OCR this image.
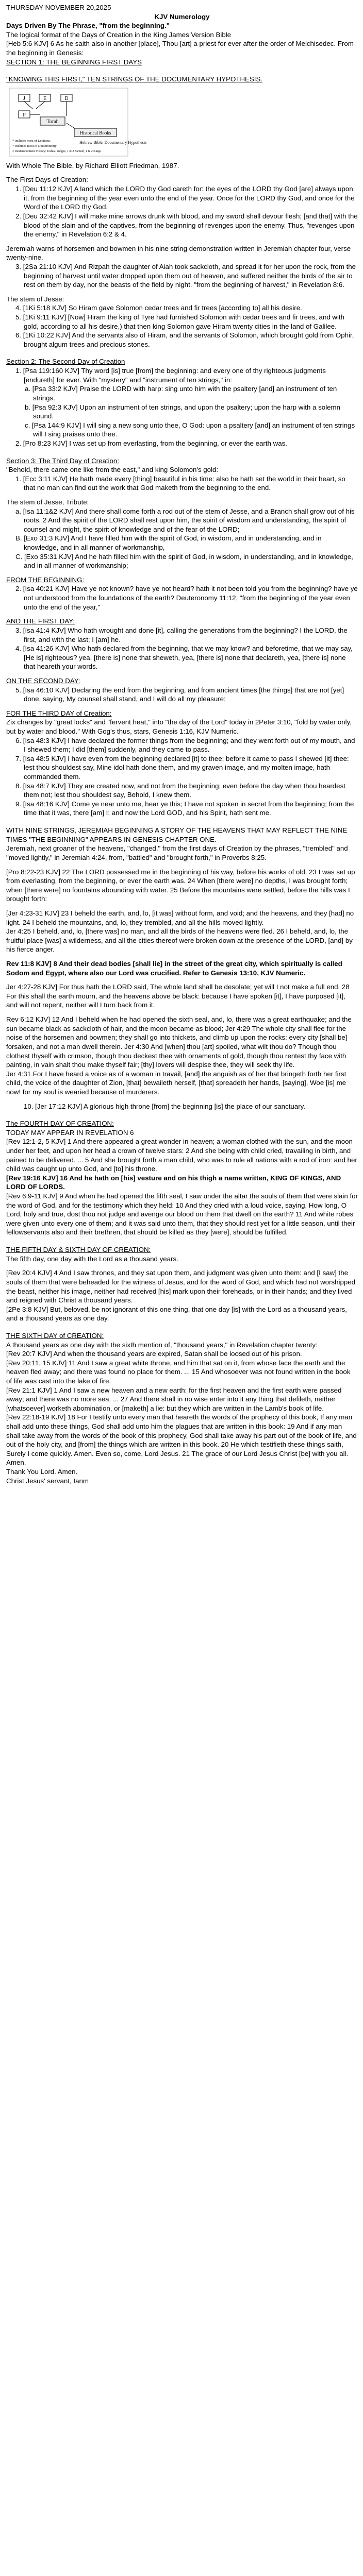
THURSDAY NOVEMBER 20,2025

KJV Numerology

Days Driven By The Phrase, "from the beginning."

The logical format of the Days of Creation in the King James Version Bible

[Heb 5:6 KJV] 6 As he saith also in another [place], Thou [art] a priest for ever after the order of Melchisedec. From the beginning in Genesis:

SECTION 1: THE BEGINNING FIRST DAYS

"KNOWING THIS FIRST," TEN STRINGS OF THE DOCUMENTARY HYPOTHESIS.

J	E
P
D
Torah
Historical Books
Hebrew Bible, Documentary Hypothesis
* includes most of Leviticus
+ includes most of Deuteronomy
‡ Deuteronomistic History: Joshua, Judges, 1 & 2 Samuel, 1 & 2 Kings

With Whole The Bible, by Richard Elliott Friedman, 1987.

The First Days of Creation:

1. [Deu 11:12 KJV] A land which the LORD thy God careth for: the eyes of the LORD thy God [are] always upon it, from the beginning of the year even unto the end of the year. Once for the LORD thy God, and once for the Word of the LORD thy God.

2. [Deu 32:42 KJV] I will make mine arrows drunk with blood, and my sword shall devour flesh; [and that] with the blood of the slain and of the captives, from the beginning of revenges upon the enemy. Thus, "revenges upon the enemy," in Revelation 6:2 & 4.

Jeremiah warns of horsemen and bowmen in his nine string demonstration written in Jeremiah chapter four, verse twenty-nine.

3. [2Sa 21:10 KJV] And Rizpah the daughter of Aiah took sackcloth, and spread it for her upon the rock, from the beginning of harvest until water dropped upon them out of heaven, and suffered neither the birds of the air to rest on them by day, nor the beasts of the field by night. "from the beginning of harvest," in Revelation 8:6.

The stem of Jesse:

4. [1Ki 5:18 KJV] So Hiram gave Solomon cedar trees and fir trees [according to] all his desire.

5. [1Ki 9:11 KJV] [Now] Hiram the king of Tyre had furnished Solomon with cedar trees and fir trees, and with gold, according to all his desire,) that then king Solomon gave Hiram twenty cities in the land of Galilee.

6. [1Ki 10:22 KJV] And the servants also of Hiram, and the servants of Solomon, which brought gold from Ophir, brought algum trees and precious stones.

Section 2: The Second Day of Creation

1. [Psa 119:160 KJV] Thy word [is] true [from] the beginning: and every one of thy righteous judgments [endureth] for ever. With "mystery" and "instrument of ten strings," in:

a. [Psa 33:2 KJV] Praise the LORD with harp: sing unto him with the psaltery [and] an instrument of ten strings.

b. [Psa 92:3 KJV] Upon an instrument of ten strings, and upon the psaltery; upon the harp with a solemn sound.

c. [Psa 144:9 KJV] I will sing a new song unto thee, O God: upon a psaltery [and] an instrument of ten strings will I sing praises unto thee.

2. [Pro 8:23 KJV] I was set up from everlasting, from the beginning, or ever the earth was.

Section 3: The Third Day of Creation:

"Behold, there came one like from the east," and king Solomon's gold:

1. [Ecc 3:11 KJV] He hath made every [thing] beautiful in his time: also he hath set the world in their heart, so that no man can find out the work that God maketh from the beginning to the end.

The stem of Jesse, Tribute:

a. [Isa 11:1&2 KJV] And there shall come forth a rod out of the stem of Jesse, and a Branch shall grow out of his roots. 2 And the spirit of the LORD shall rest upon him, the spirit of wisdom and understanding, the spirit of counsel and might, the spirit of knowledge and of the fear of the LORD;

B. [Exo 31:3 KJV] And I have filled him with the spirit of God, in wisdom, and in understanding, and in knowledge, and in all manner of workmanship,

C. [Exo 35:31 KJV] And he hath filled him with the spirit of God, in wisdom, in understanding, and in knowledge, and in all manner of workmanship;

FROM THE BEGINNING:

2. [Isa 40:21 KJV] Have ye not known? have ye not heard? hath it not been told you from the beginning? have ye not understood from the foundations of the earth? Deuteronomy 11:12, "from the beginning of the year even unto the end of the year,"

AND THE FIRST DAY:

3. [Isa 41:4 KJV] Who hath wrought and done [it], calling the generations from the beginning? I the LORD, the first, and with the last; I [am] he.

4. [Isa 41:26 KJV] Who hath declared from the beginning, that we may know? and beforetime, that we may say, [He is] righteous? yea, [there is] none that sheweth, yea, [there is] none that declareth, yea, [there is] none that heareth your words.

ON THE SECOND DAY:

5. [Isa 46:10 KJV] Declaring the end from the beginning, and from ancient times [the things] that are not [yet] done, saying, My counsel shall stand, and I will do all my pleasure:

FOR THE THIRD DAY of Creation:

Zix changes by "great locks" and "fervent heat," into "the day of the Lord" today in 2Peter 3:10, "fold by water only, but by water and blood." With Gog's thus, stars, Genesis 1:16, KJV Numeric.

6. [Isa 48:3 KJV] I have declared the former things from the beginning; and they went forth out of my mouth, and I shewed them; I did [them] suddenly, and they came to pass.

7. [Isa 48:5 KJV] I have even from the beginning declared [it] to thee; before it came to pass I shewed [it] thee: lest thou shouldest say, Mine idol hath done them, and my graven image, and my molten image, hath commanded them.

8. [Isa 48:7 KJV] They are created now, and not from the beginning; even before the day when thou heardest them not; lest thou shouldest say, Behold, I knew them.

9. [Isa 48:16 KJV] Come ye near unto me, hear ye this; I have not spoken in secret from the beginning; from the time that it was, there [am] I: and now the Lord GOD, and his Spirit, hath sent me.

WITH NINE STRINGS, JEREMIAH BEGINNING A STORY OF THE HEAVENS THAT MAY REFLECT THE NINE TIMES "THE BEGINNING" APPEARS IN GENESIS CHAPTER ONE.

Jeremiah, next groaner of the heavens, "changed," from the first days of Creation by the phrases, "trembled" and "moved lightly," in Jeremiah 4:24, from, "battled" and "brought forth," in Proverbs 8:25.

[Pro 8:22-23 KJV] 22 The LORD possessed me in the beginning of his way, before his works of old. 23 I was set up from everlasting, from the beginning, or ever the earth was. 24 When [there were] no depths, I was brought forth; when [there were] no fountains abounding with water. 25 Before the mountains were settled, before the hills was I brought forth:

[Jer 4:23-31 KJV] 23 I beheld the earth, and, lo, [it was] without form, and void; and the heavens, and they [had] no light. 24 I beheld the mountains, and, lo, they trembled, and all the hills moved lightly.

Jer 4:25 I beheld, and, lo, [there was] no man, and all the birds of the heavens were fled. 26 I beheld, and, lo, the fruitful place [was] a wilderness, and all the cities thereof were broken down at the presence of the LORD, [and] by his fierce anger.

Rev 11:8 KJV] 8 And their dead bodies [shall lie] in the street of the great city, which spiritually is called Sodom and Egypt, where also our Lord was crucified. Refer to Genesis 13:10, KJV Numeric.

Jer 4:27-28 KJV] For thus hath the LORD said, The whole land shall be desolate; yet will I not make a full end. 28 For this shall the earth mourn, and the heavens above be black: because I have spoken [it], I have purposed [it], and will not repent, neither will I turn back from it.

Rev 6:12 KJV] 12 And I beheld when he had opened the sixth seal, and, lo, there was a great earthquake; and the sun became black as sackcloth of hair, and the moon became as blood; Jer 4:29 The whole city shall flee for the noise of the horsemen and bowmen; they shall go into thickets, and climb up upon the rocks: every city [shall be] forsaken, and not a man dwell therein. Jer 4:30 And [when] thou [art] spoiled, what wilt thou do? Though thou clothest thyself with crimson, though thou deckest thee with ornaments of gold, though thou rentest thy face with painting, in vain shalt thou make thyself fair; [thy] lovers will despise thee, they will seek thy life.

Jer 4:31 For I have heard a voice as of a woman in travail, [and] the anguish as of her that bringeth forth her first child, the voice of the daughter of Zion, [that] bewaileth herself, [that] spreadeth her hands, [saying], Woe [is] me now! for my soul is wearied because of murderers.

10. [Jer 17:12 KJV] A glorious high throne [from] the beginning [is] the place of our sanctuary.

The FOURTH DAY OF CREATION:

TODAY MAY APPEAR IN REVELATION 6

[Rev 12:1-2, 5 KJV] 1 And there appeared a great wonder in heaven; a woman clothed with the sun, and the moon under her feet, and upon her head a crown of twelve stars: 2 And she being with child cried, travailing in birth, and pained to be delivered. ... 5 And she brought forth a man child, who was to rule all nations with a rod of iron: and her child was caught up unto God, and [to] his throne.

[Rev 19:16 KJV] 16 And he hath on [his] vesture and on his thigh a name written, KING OF KINGS, AND LORD OF LORDS.

[Rev 6:9-11 KJV] 9 And when he had opened the fifth seal, I saw under the altar the souls of them that were slain for the word of God, and for the testimony which they held: 10 And they cried with a loud voice, saying, How long, O Lord, holy and true, dost thou not judge and avenge our blood on them that dwell on the earth? 11 And white robes were given unto every one of them; and it was said unto them, that they should rest yet for a little season, until their fellowservants also and their brethren, that should be killed as they [were], should be fulfilled.

THE FIFTH DAY & SIXTH DAY OF CREATION:

The fifth day, one day with the Lord as a thousand years.

[Rev 20:4 KJV] 4 And I saw thrones, and they sat upon them, and judgment was given unto them: and [I saw] the souls of them that were beheaded for the witness of Jesus, and for the word of God, and which had not worshipped the beast, neither his image, neither had received [his] mark upon their foreheads, or in their hands; and they lived and reigned with Christ a thousand years.

[2Pe 3:8 KJV] But, beloved, be not ignorant of this one thing, that one day [is] with the Lord as a thousand years, and a thousand years as one day.

THE SIXTH DAY of CREATION:

A thousand years as one day with the sixth mention of, "thousand years," in Revelation chapter twenty:

[Rev 20:7 KJV] And when the thousand years are expired, Satan shall be loosed out of his prison.

[Rev 20:11, 15 KJV] 11 And I saw a great white throne, and him that sat on it, from whose face the earth and the heaven fled away; and there was found no place for them. ... 15 And whosoever was not found written in the book of life was cast into the lake of fire.

[Rev 21:1 KJV] 1 And I saw a new heaven and a new earth: for the first heaven and the first earth were passed away; and there was no more sea. ... 27 And there shall in no wise enter into it any thing that defileth, neither [whatsoever] worketh abomination, or [maketh] a lie: but they which are written in the Lamb's book of life.

[Rev 22:18-19 KJV] 18 For I testify unto every man that heareth the words of the prophecy of this book, If any man shall add unto these things, God shall add unto him the plagues that are written in this book: 19 And if any man shall take away from the words of the book of this prophecy, God shall take away his part out of the book of life, and out of the holy city, and [from] the things which are written in this book. 20 He which testifieth these things saith, Surely I come quickly. Amen. Even so, come, Lord Jesus. 21 The grace of our Lord Jesus Christ [be] with you all. Amen.

Thank You Lord. Amen.

Christ Jesus' servant, Ianm
